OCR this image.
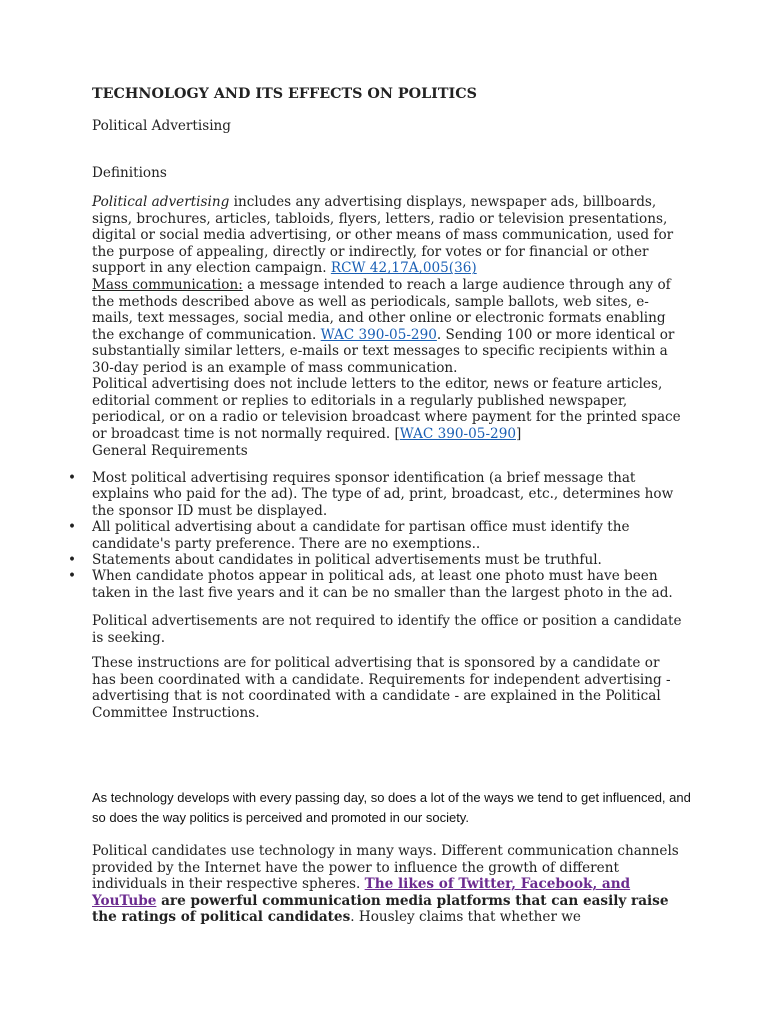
TECHNOLOGY AND ITS EFFECTS ON POLITICS

Political Advertising

Definitions

Political advertising includes any advertising displays, newspaper ads, billboards, signs, brochures, articles, tabloids, flyers, letters, radio or television presentations, digital or social media advertising, or other means of mass communication, used for the purpose of appealing, directly or indirectly, for votes or for financial or other support in any election campaign. RCW 42,17A,005(36)

Mass communication: a message intended to reach a large audience through any of the methods described above as well as periodicals, sample ballots, web sites, e-mails, text messages, social media, and other online or electronic formats enabling the exchange of communication. WAC 390-05-290. Sending 100 or more identical or substantially similar letters, e-mails or text messages to specific recipients within a 30-day period is an example of mass communication.

Political advertising does not include letters to the editor, news or feature articles, editorial comment or replies to editorials in a regularly published newspaper, periodical, or on a radio or television broadcast where payment for the printed space or broadcast time is not normally required. [WAC 390-05-290]

General Requirements

• Most political advertising requires sponsor identification (a brief message that explains who paid for the ad). The type of ad, print, broadcast, etc., determines how the sponsor ID must be displayed.
• All political advertising about a candidate for partisan office must identify the candidate's party preference. There are no exemptions..
• Statements about candidates in political advertisements must be truthful.
• When candidate photos appear in political ads, at least one photo must have been taken in the last five years and it can be no smaller than the largest photo in the ad.

Political advertisements are not required to identify the office or position a candidate is seeking.

These instructions are for political advertising that is sponsored by a candidate or has been coordinated with a candidate. Requirements for independent advertising - advertising that is not coordinated with a candidate - are explained in the Political Committee Instructions.

As technology develops with every passing day, so does a lot of the ways we tend to get influenced, and so does the way politics is perceived and promoted in our society.

Political candidates use technology in many ways. Different communication channels provided by the Internet have the power to influence the growth of different individuals in their respective spheres. The likes of Twitter, Facebook, and YouTube are powerful communication media platforms that can easily raise the ratings of political candidates. Housley claims that whether we
